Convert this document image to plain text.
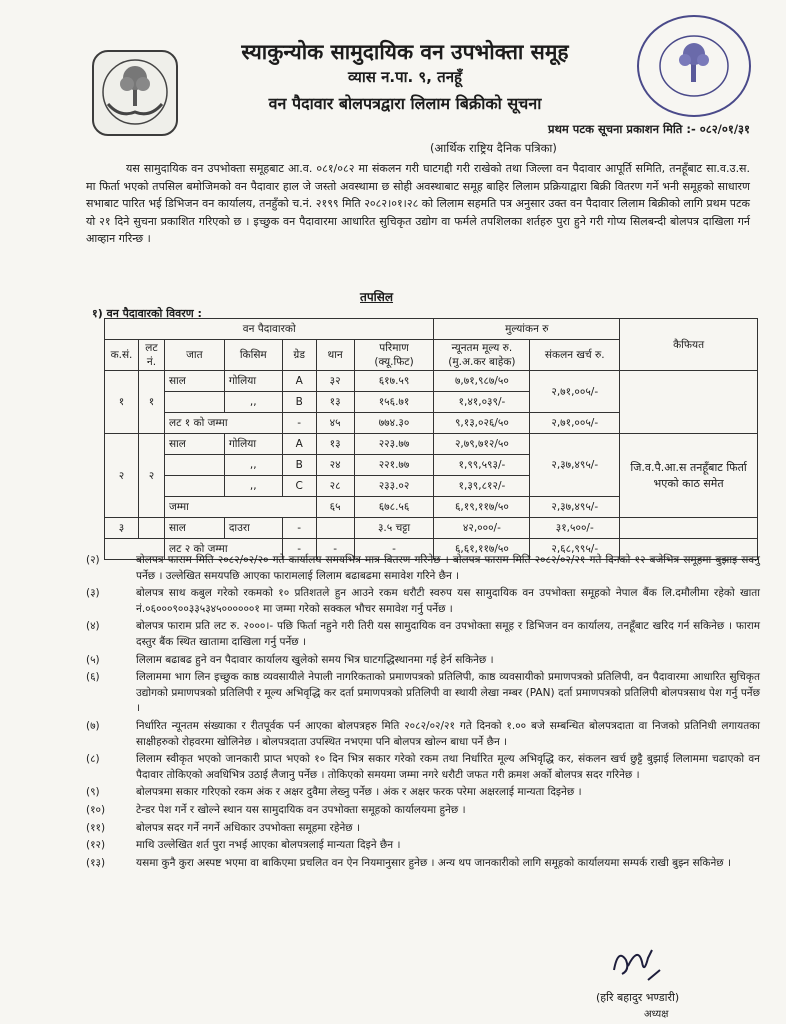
स्याकुन्योक सामुदायिक वन उपभोक्ता समूह

व्यास न.पा. ९, तनहूँ

वन पैदावार बोलपत्रद्वारा लिलाम बिक्रीको सूचना

प्रथम पटक सूचना प्रकाशन मिति :- ०८२/०१/३१
(आर्थिक राष्ट्रिय दैनिक पत्रिका)

यस सामुदायिक वन उपभोक्ता समूहबाट आ.व. ०८१/०८२ मा संकलन गरी घाटगद्दी गरी राखेको तथा जिल्ला वन पैदावार आपूर्ति समिति, तनहूँबाट सा.व.उ.स. मा फिर्ता भएको तपसिल बमोजिमको वन पैदावार हाल जे जस्तो अवस्थामा छ सोही अवस्थाबाट समूह बाहिर लिलाम प्रक्रियाद्वारा बिक्री वितरण गर्ने भनी समूहको साधारण सभाबाट पारित भई डिभिजन वन कार्यालय, तनहुँको च.नं. २१९९ मिति २०८२।०१।२८ को लिलाम सहमति पत्र अनुसार उक्त वन पैदावार लिलाम बिक्रीको लागि प्रथम पटक यो २१ दिने सुचना प्रकाशित गरिएको छ । इच्छुक वन पैदावारमा आधारित सुचिकृत उद्योग वा फर्मले तपशिलका शर्तहरु पुरा हुने गरी गोप्य सिलबन्दी बोलपत्र दाखिला गर्न आव्हान गरिन्छ ।

तपसिल
१) वन पैदावारको विवरण :
वन पैदावारको							मुल्यांकन रु		कैफियत
क.सं.	लट नं.	जात	किसिम	ग्रेड	थान	परिमाण (क्यू.फिट)	न्यूनतम मूल्य रु. (मु.अ.कर बाहेक)	संकलन खर्च रु.	
१	१	साल	गोलिया	A	३२	६१७.५९	७,७१,९८७/५०	२,७१,००५/-	
			,,	B	१३	१५६.७१	१,४१,०३९/-		
		लट १ को जम्मा		-	४५	७७४.३०	९,१३,०२६/५०	२,७१,००५/-	
२	२	साल	गोलिया	A	१३	२२३.७७	२,७९,७१२/५०	२,३७,४९५/-	जि.व.पै.आ.स तनहूँबाट फिर्ता भएको काठ समेत
			,,	B	२४	२२१.७७	१,९९,५९३/-		
			,,	C	२८	२३३.०२	१,३९,८१२/-		
		जम्मा			६५	६७८.५६	६,१९,११७/५०	२,३७,४९५/-	
३		साल	दाउरा	-		३.५ चट्टा	४२,०००/-	३१,५००/-	
		लट २ को जम्मा		-	-	-	६,६१,११७/५०	२,६८,९९५/-	
(२)	बोलपत्र फाराम मिति २०८२/०२/२० गते कार्यालय समयभित्र मात्र वितरण गरिनेछ । बोलपत्र फाराम मिति २०८२/०२/२१ गते दिनको १२ बजेभित्र समूहमा बुझाइ सक्नु पर्नेछ । उल्लेखित समयपछि आएका फारामलाई लिलाम बढाबढमा समावेश गरिने छैन ।
(३)	बोलपत्र साथ कबुल गरेको रकमको १० प्रतिशतले हुन आउने रकम धरौटी स्वरुप यस सामुदायिक वन उपभोक्ता समूहको नेपाल बैंक लि.दमौलीमा रहेको खाता नं.०६०००९००३३५३४५००००००१ मा जम्मा गरेको सक्कल भौचर समावेश गर्नु पर्नेछ ।
(४)	बोलपत्र फाराम प्रति लट रु. २०००।- पछि फिर्ता नहुने गरी तिरी यस सामुदायिक वन उपभोक्ता समूह र डिभिजन वन कार्यालय, तनहूँबाट खरिद गर्न सकिनेछ । फाराम दस्तुर बैंक स्थित खातामा दाखिला गर्नु पर्नेछ ।
(५)	लिलाम बढाबढ हुने वन पैदावार कार्यालय खुलेको समय भित्र घाटगद्धिस्थानमा गई हेर्न सकिनेछ ।
(६)	लिलाममा भाग लिन इच्छुक काष्ठ व्यवसायीले नेपाली नागरिकताको प्रमाणपत्रको प्रतिलिपी, काष्ठ व्यवसायीको प्रमाणपत्रको प्रतिलिपी, वन पैदावारमा आधारित सुचिकृत उद्योगको प्रमाणपत्रको प्रतिलिपी र मूल्य अभिवृद्धि कर दर्ता प्रमाणपत्रको प्रतिलिपी वा स्थायी लेखा नम्बर (PAN) दर्ता प्रमाणपत्रको प्रतिलिपी बोलपत्रसाथ पेश गर्नु पर्नेछ ।
(७)	निर्धारित न्यूनतम संख्याका र रीतपूर्वक पर्न आएका बोलपत्रहरु मिति २०८२/०२/२१ गते दिनको १.०० बजे सम्बन्धित बोलपत्रदाता वा निजको प्रतिनिधी लगायतका साक्षीहरुको रोहवरमा खोलिनेछ । बोलपत्रदाता उपस्थित नभएमा पनि बोलपत्र खोल्न बाधा पर्ने छैन ।
(८)	लिलाम स्वीकृत भएको जानकारी प्राप्त भएको १० दिन भित्र सकार गरेको रकम तथा निर्धारित मूल्य अभिवृद्धि कर, संकलन खर्च छुट्टै बुझाई लिलाममा चढाएको वन पैदावार तोकिएको अवधिभित्र उठाई लैजानु पर्नेछ । तोकिएको समयमा जम्मा नगरे धरौटी जफत गरी क्रमश अर्को बोलपत्र सदर गरिनेछ ।
(९)	बोलपत्रमा सकार गरिएको रकम अंक र अक्षर दुवैमा लेख्नु पर्नेछ । अंक र अक्षर फरक परेमा अक्षरलाई मान्यता दिइनेछ ।
(१०)	टेन्डर पेश गर्ने र खोल्ने स्थान यस सामुदायिक वन उपभोक्ता समूहको कार्यालयमा हुनेछ ।
(११)	बोलपत्र सदर गर्ने नगर्ने अधिकार उपभोक्ता समूहमा रहेनेछ ।
(१२)	माथि उल्लेखित शर्त पुरा नभई आएका बोलपत्रलाई मान्यता दिइने छैन ।
(१३)	यसमा कुनै कुरा अस्पष्ट भएमा वा बाकिएमा प्रचलित वन ऐन नियमानुसार हुनेछ । अन्य थप जानकारीको लागि समूहको कार्यालयमा सम्पर्क राखी बुझ्न सकिनेछ ।
(हरि बहादुर भण्डारी)
अध्यक्ष
